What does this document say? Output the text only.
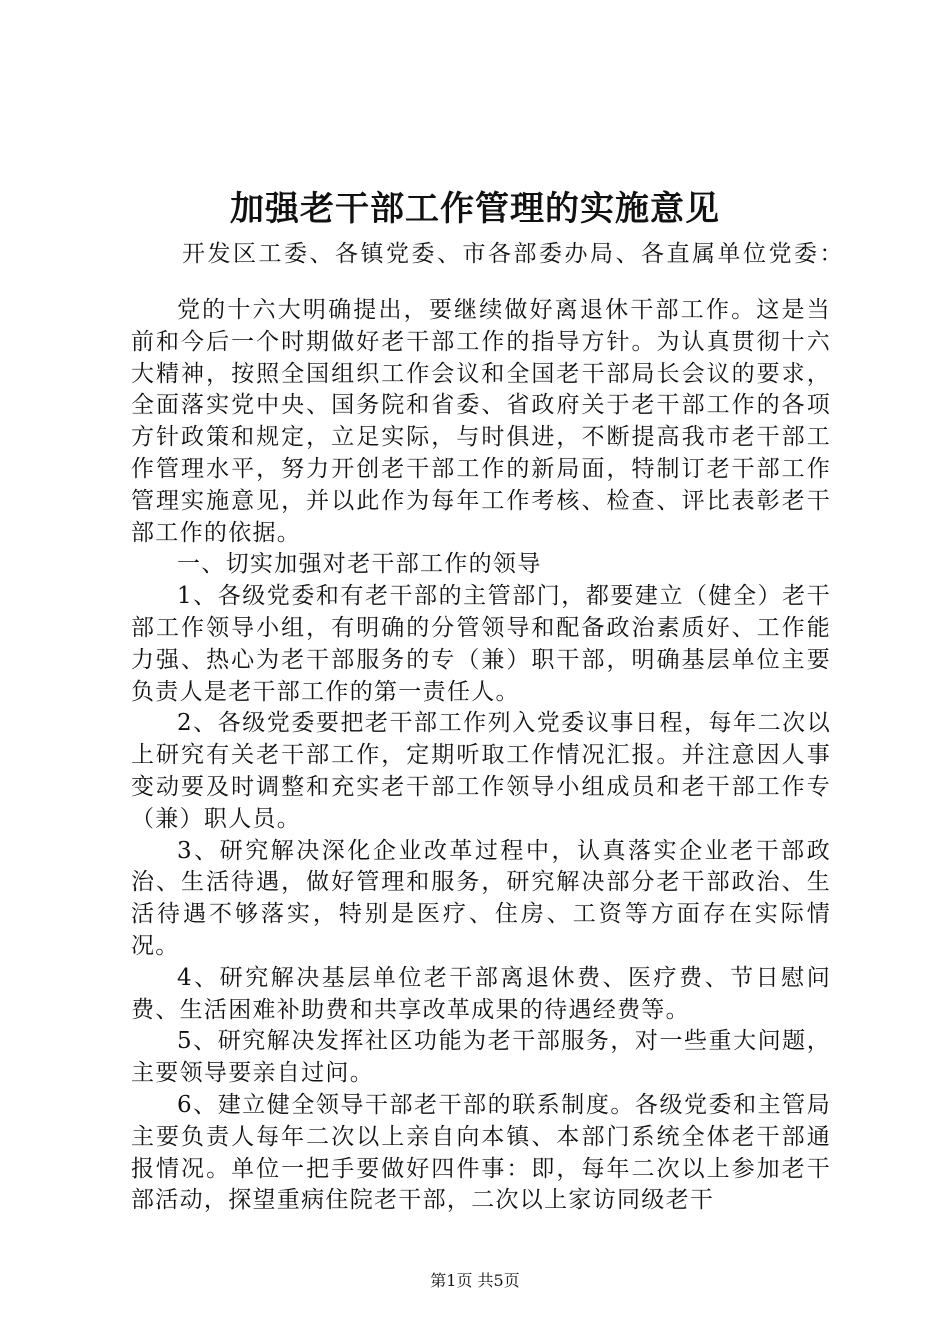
加强老干部工作管理的实施意见
开发区工委、各镇党委、市各部委办局、各直属单位党委：

党的十六大明确提出，要继续做好离退休干部工作。这是当前和今后一个时期做好老干部工作的指导方针。为认真贯彻十六大精神，按照全国组织工作会议和全国老干部局长会议的要求，全面落实党中央、国务院和省委、省政府关于老干部工作的各项方针政策和规定，立足实际，与时俱进，不断提高我市老干部工作管理水平，努力开创老干部工作的新局面，特制订老干部工作管理实施意见，并以此作为每年工作考核、检查、评比表彰老干部工作的依据。

一、切实加强对老干部工作的领导

1、各级党委和有老干部的主管部门，都要建立（健全）老干部工作领导小组，有明确的分管领导和配备政治素质好、工作能力强、热心为老干部服务的专（兼）职干部，明确基层单位主要负责人是老干部工作的第一责任人。

2、各级党委要把老干部工作列入党委议事日程，每年二次以上研究有关老干部工作，定期听取工作情况汇报。并注意因人事变动要及时调整和充实老干部工作领导小组成员和老干部工作专（兼）职人员。

3、研究解决深化企业改革过程中，认真落实企业老干部政治、生活待遇，做好管理和服务，研究解决部分老干部政治、生活待遇不够落实，特别是医疗、住房、工资等方面存在实际情况。

4、研究解决基层单位老干部离退休费、医疗费、节日慰问费、生活困难补助费和共享改革成果的待遇经费等。

5、研究解决发挥社区功能为老干部服务，对一些重大问题，主要领导要亲自过问。

6、建立健全领导干部老干部的联系制度。各级党委和主管局主要负责人每年二次以上亲自向本镇、本部门系统全体老干部通报情况。单位一把手要做好四件事：即，每年二次以上参加老干部活动，探望重病住院老干部，二次以上家访同级老干

第1页 共5页
